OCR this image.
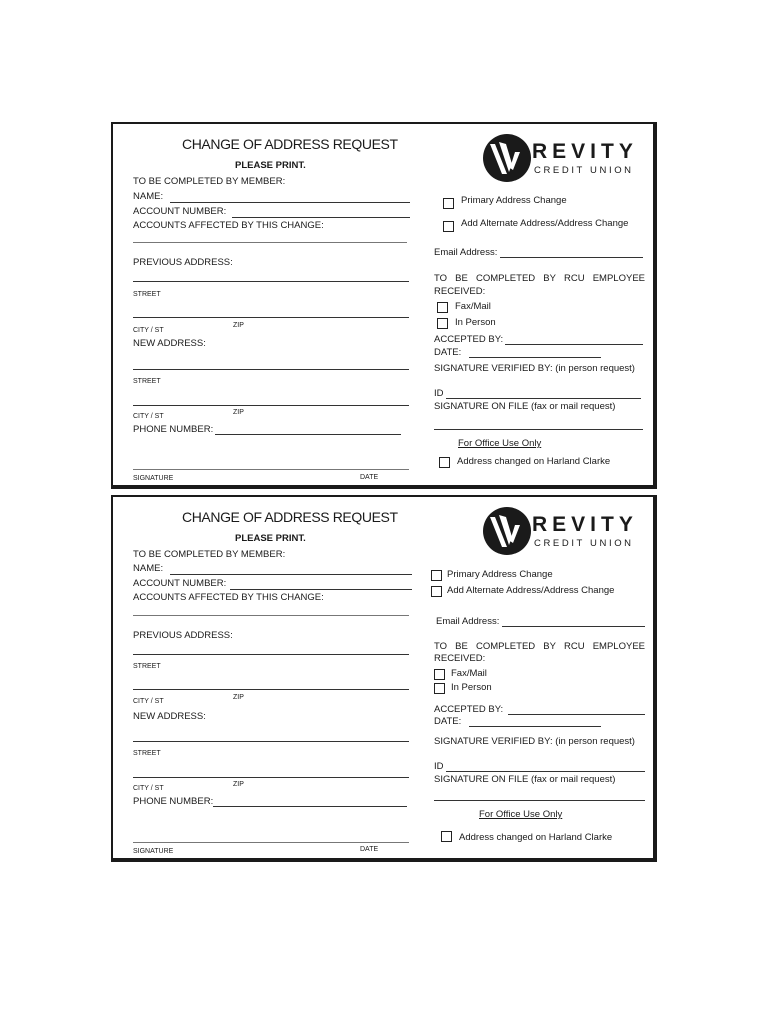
CHANGE OF ADDRESS REQUEST
PLEASE PRINT.
TO BE COMPLETED BY MEMBER:
NAME:
ACCOUNT NUMBER:
ACCOUNTS AFFECTED BY THIS CHANGE:
PREVIOUS ADDRESS:
STREET
ZIP
CITY / ST
NEW ADDRESS:
STREET
ZIP
CITY / ST
PHONE NUMBER:
SIGNATURE	DATE
REVITY
CREDIT UNION
Primary Address Change
Add Alternate Address/Address Change
Email Address:
TO BE COMPLETED BY RCU EMPLOYEE
RECEIVED:
Fax/Mail
In Person
ACCEPTED BY:
DATE:
SIGNATURE VERIFIED BY: (in person request)
ID
SIGNATURE ON FILE (fax or mail request)
For Office Use Only
Address changed on Harland Clarke
CHANGE OF ADDRESS REQUEST
PLEASE PRINT.
TO BE COMPLETED BY MEMBER:
NAME:
ACCOUNT NUMBER:
ACCOUNTS AFFECTED BY THIS CHANGE:
PREVIOUS ADDRESS:
STREET
ZIP
CITY / ST
NEW ADDRESS:
STREET
ZIP
CITY / ST
PHONE NUMBER:
SIGNATURE	DATE
REVITY
CREDIT UNION
Primary Address Change
Add Alternate Address/Address Change
Email Address:
TO BE COMPLETED BY RCU EMPLOYEE
RECEIVED:
Fax/Mail
In Person
ACCEPTED BY:
DATE:
SIGNATURE VERIFIED BY: (in person request)
ID
SIGNATURE ON FILE (fax or mail request)
For Office Use Only
Address changed on Harland Clarke
